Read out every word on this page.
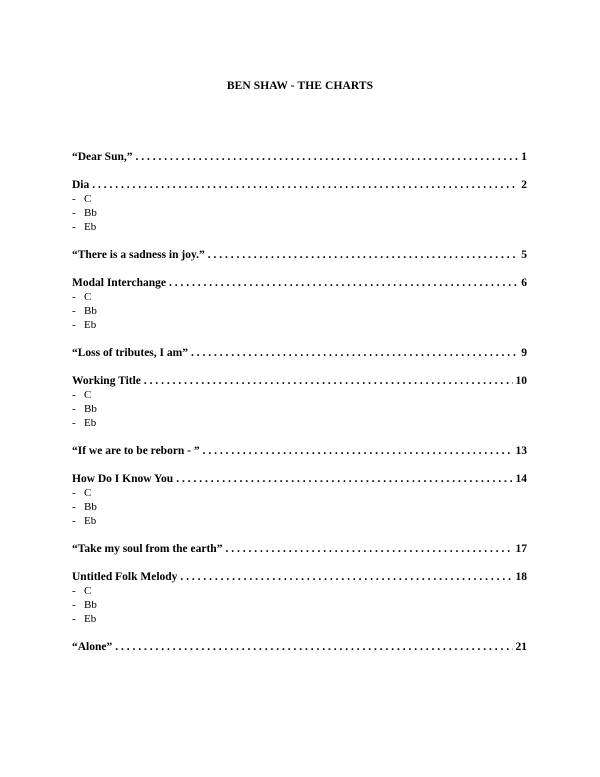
BEN SHAW - THE CHARTS
“Dear Sun,” . . .	1
Dia . . .	2
- C
- Bb
- Eb
“There is a sadness in joy.” . . .	5
Modal Interchange . . .	6
- C
- Bb
- Eb
“Loss of tributes, I am” . . .	9
Working Title . . .	10
- C
- Bb
- Eb
“If we are to be reborn - ” . . .	13
How Do I Know You . . .	14
- C
- Bb
- Eb
“Take my soul from the earth” . . .	17
Untitled Folk Melody . . .	18
- C
- Bb
- Eb
“Alone” . . .	21
